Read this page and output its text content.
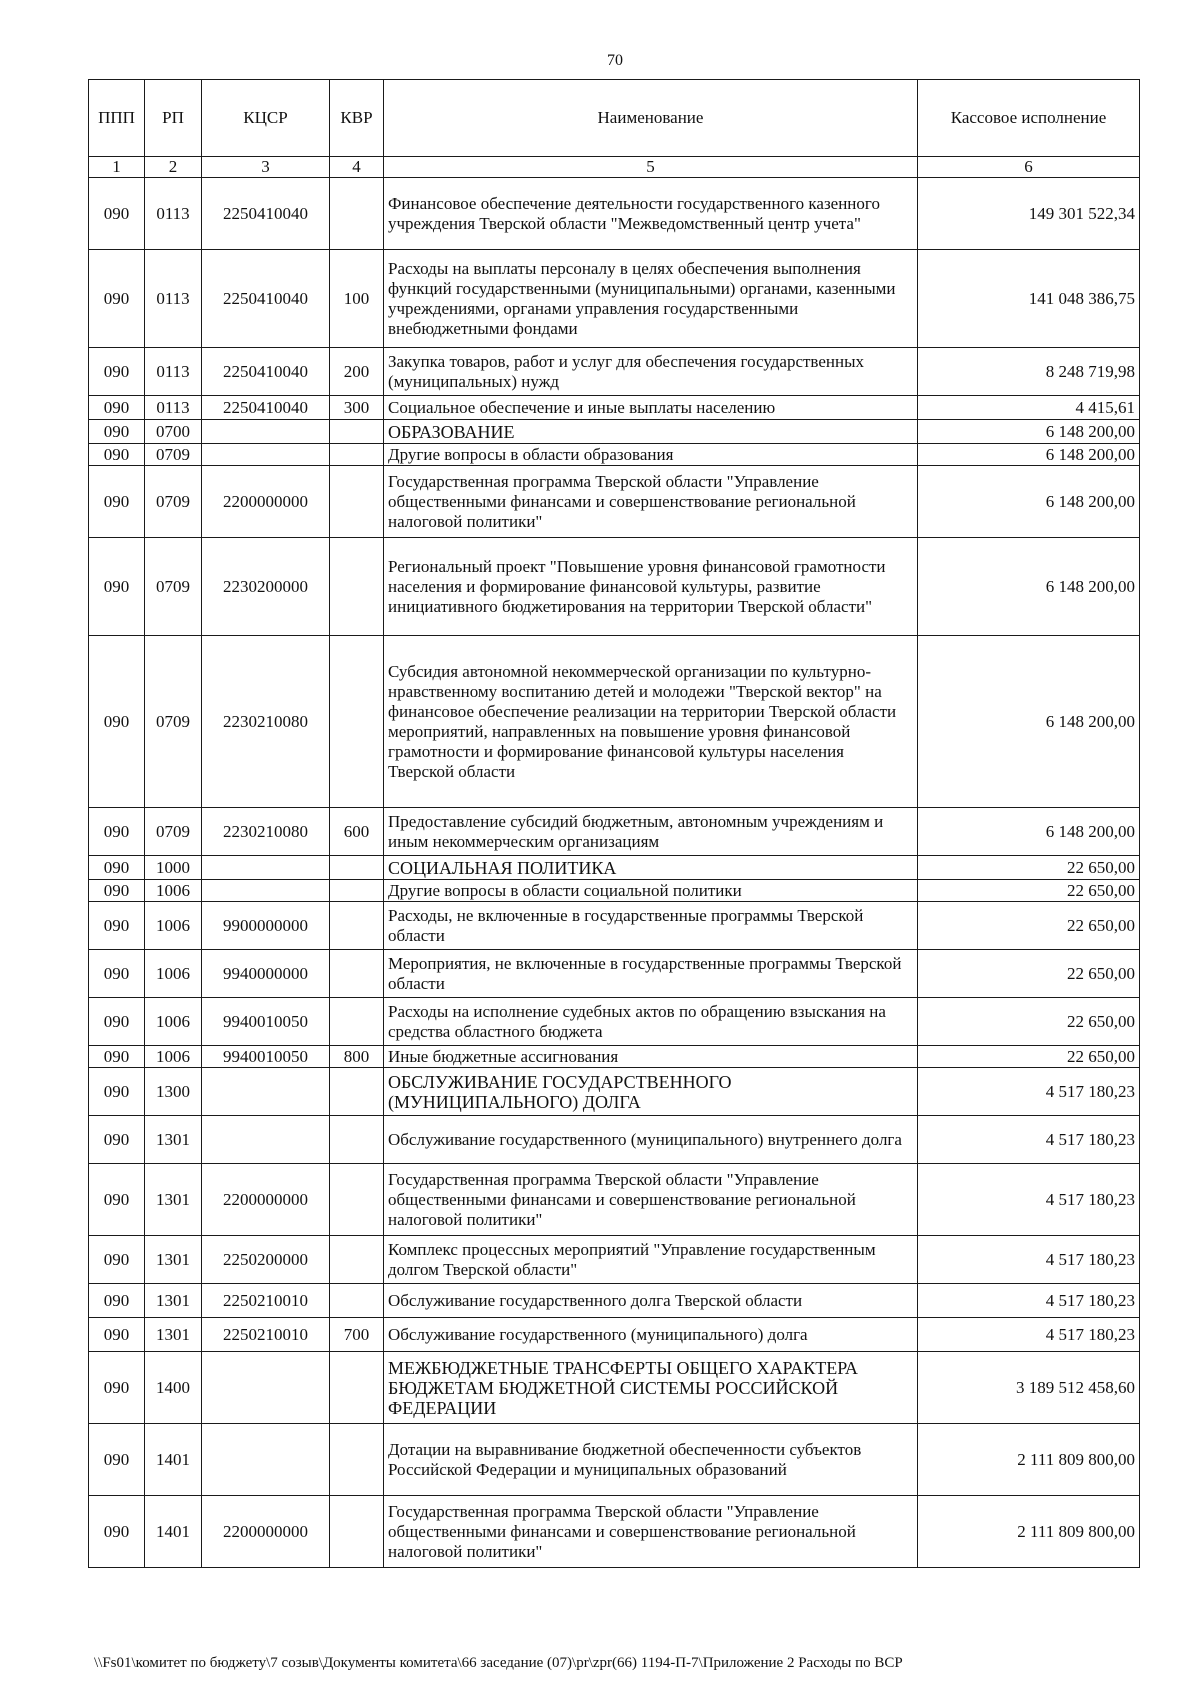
70
ППП	РП	КЦСР	КВР	Наименование	Кассовое исполнение
1	2	3	4	5	6
090	0113	2250410040		Финансовое обеспечение деятельности государственного казенного учреждения Тверской области "Межведомственный центр учета"	149 301 522,34
090	0113	2250410040	100	Расходы на выплаты персоналу в целях обеспечения выполнения функций государственными (муниципальными) органами, казенными учреждениями, органами управления государственными внебюджетными фондами	141 048 386,75
090	0113	2250410040	200	Закупка товаров, работ и услуг для обеспечения государственных (муниципальных) нужд	8 248 719,98
090	0113	2250410040	300	Социальное обеспечение и иные выплаты населению	4 415,61
090	0700			ОБРАЗОВАНИЕ	6 148 200,00
090	0709			Другие вопросы в области образования	6 148 200,00
090	0709	2200000000		Государственная программа Тверской области "Управление общественными финансами и совершенствование региональной налоговой политики"	6 148 200,00
090	0709	2230200000		Региональный проект "Повышение уровня финансовой грамотности населения и формирование финансовой культуры, развитие инициативного бюджетирования на территории Тверской области"	6 148 200,00
090	0709	2230210080		Субсидия автономной некоммерческой организации по культурно-нравственному воспитанию детей и молодежи "Тверской вектор" на финансовое обеспечение реализации на территории Тверской области мероприятий, направленных на повышение уровня финансовой грамотности и формирование финансовой культуры населения Тверской области	6 148 200,00
090	0709	2230210080	600	Предоставление субсидий бюджетным, автономным учреждениям и иным некоммерческим организациям	6 148 200,00
090	1000			СОЦИАЛЬНАЯ ПОЛИТИКА	22 650,00
090	1006			Другие вопросы в области социальной политики	22 650,00
090	1006	9900000000		Расходы, не включенные в государственные программы Тверской области	22 650,00
090	1006	9940000000		Мероприятия, не включенные в государственные программы Тверской области	22 650,00
090	1006	9940010050		Расходы на исполнение судебных актов по обращению взыскания на средства областного бюджета	22 650,00
090	1006	9940010050	800	Иные бюджетные ассигнования	22 650,00
090	1300			ОБСЛУЖИВАНИЕ ГОСУДАРСТВЕННОГО (МУНИЦИПАЛЬНОГО) ДОЛГА	4 517 180,23
090	1301			Обслуживание государственного (муниципального) внутреннего долга	4 517 180,23
090	1301	2200000000		Государственная программа Тверской области "Управление общественными финансами и совершенствование региональной налоговой политики"	4 517 180,23
090	1301	2250200000		Комплекс процессных мероприятий "Управление государственным долгом Тверской области"	4 517 180,23
090	1301	2250210010		Обслуживание государственного долга Тверской области	4 517 180,23
090	1301	2250210010	700	Обслуживание государственного (муниципального) долга	4 517 180,23
090	1400			МЕЖБЮДЖЕТНЫЕ ТРАНСФЕРТЫ ОБЩЕГО ХАРАКТЕРА БЮДЖЕТАМ БЮДЖЕТНОЙ СИСТЕМЫ РОССИЙСКОЙ ФЕДЕРАЦИИ	3 189 512 458,60
090	1401			Дотации на выравнивание бюджетной обеспеченности субъектов Российской Федерации и муниципальных образований	2 111 809 800,00
090	1401	2200000000		Государственная программа Тверской области "Управление общественными финансами и совершенствование региональной налоговой политики"	2 111 809 800,00
\\Fs01\комитет по бюджету\7 созыв\Документы комитета\66 заседание (07)\pr\zpr(66) 1194-П-7\Приложение 2 Расходы по ВСР
